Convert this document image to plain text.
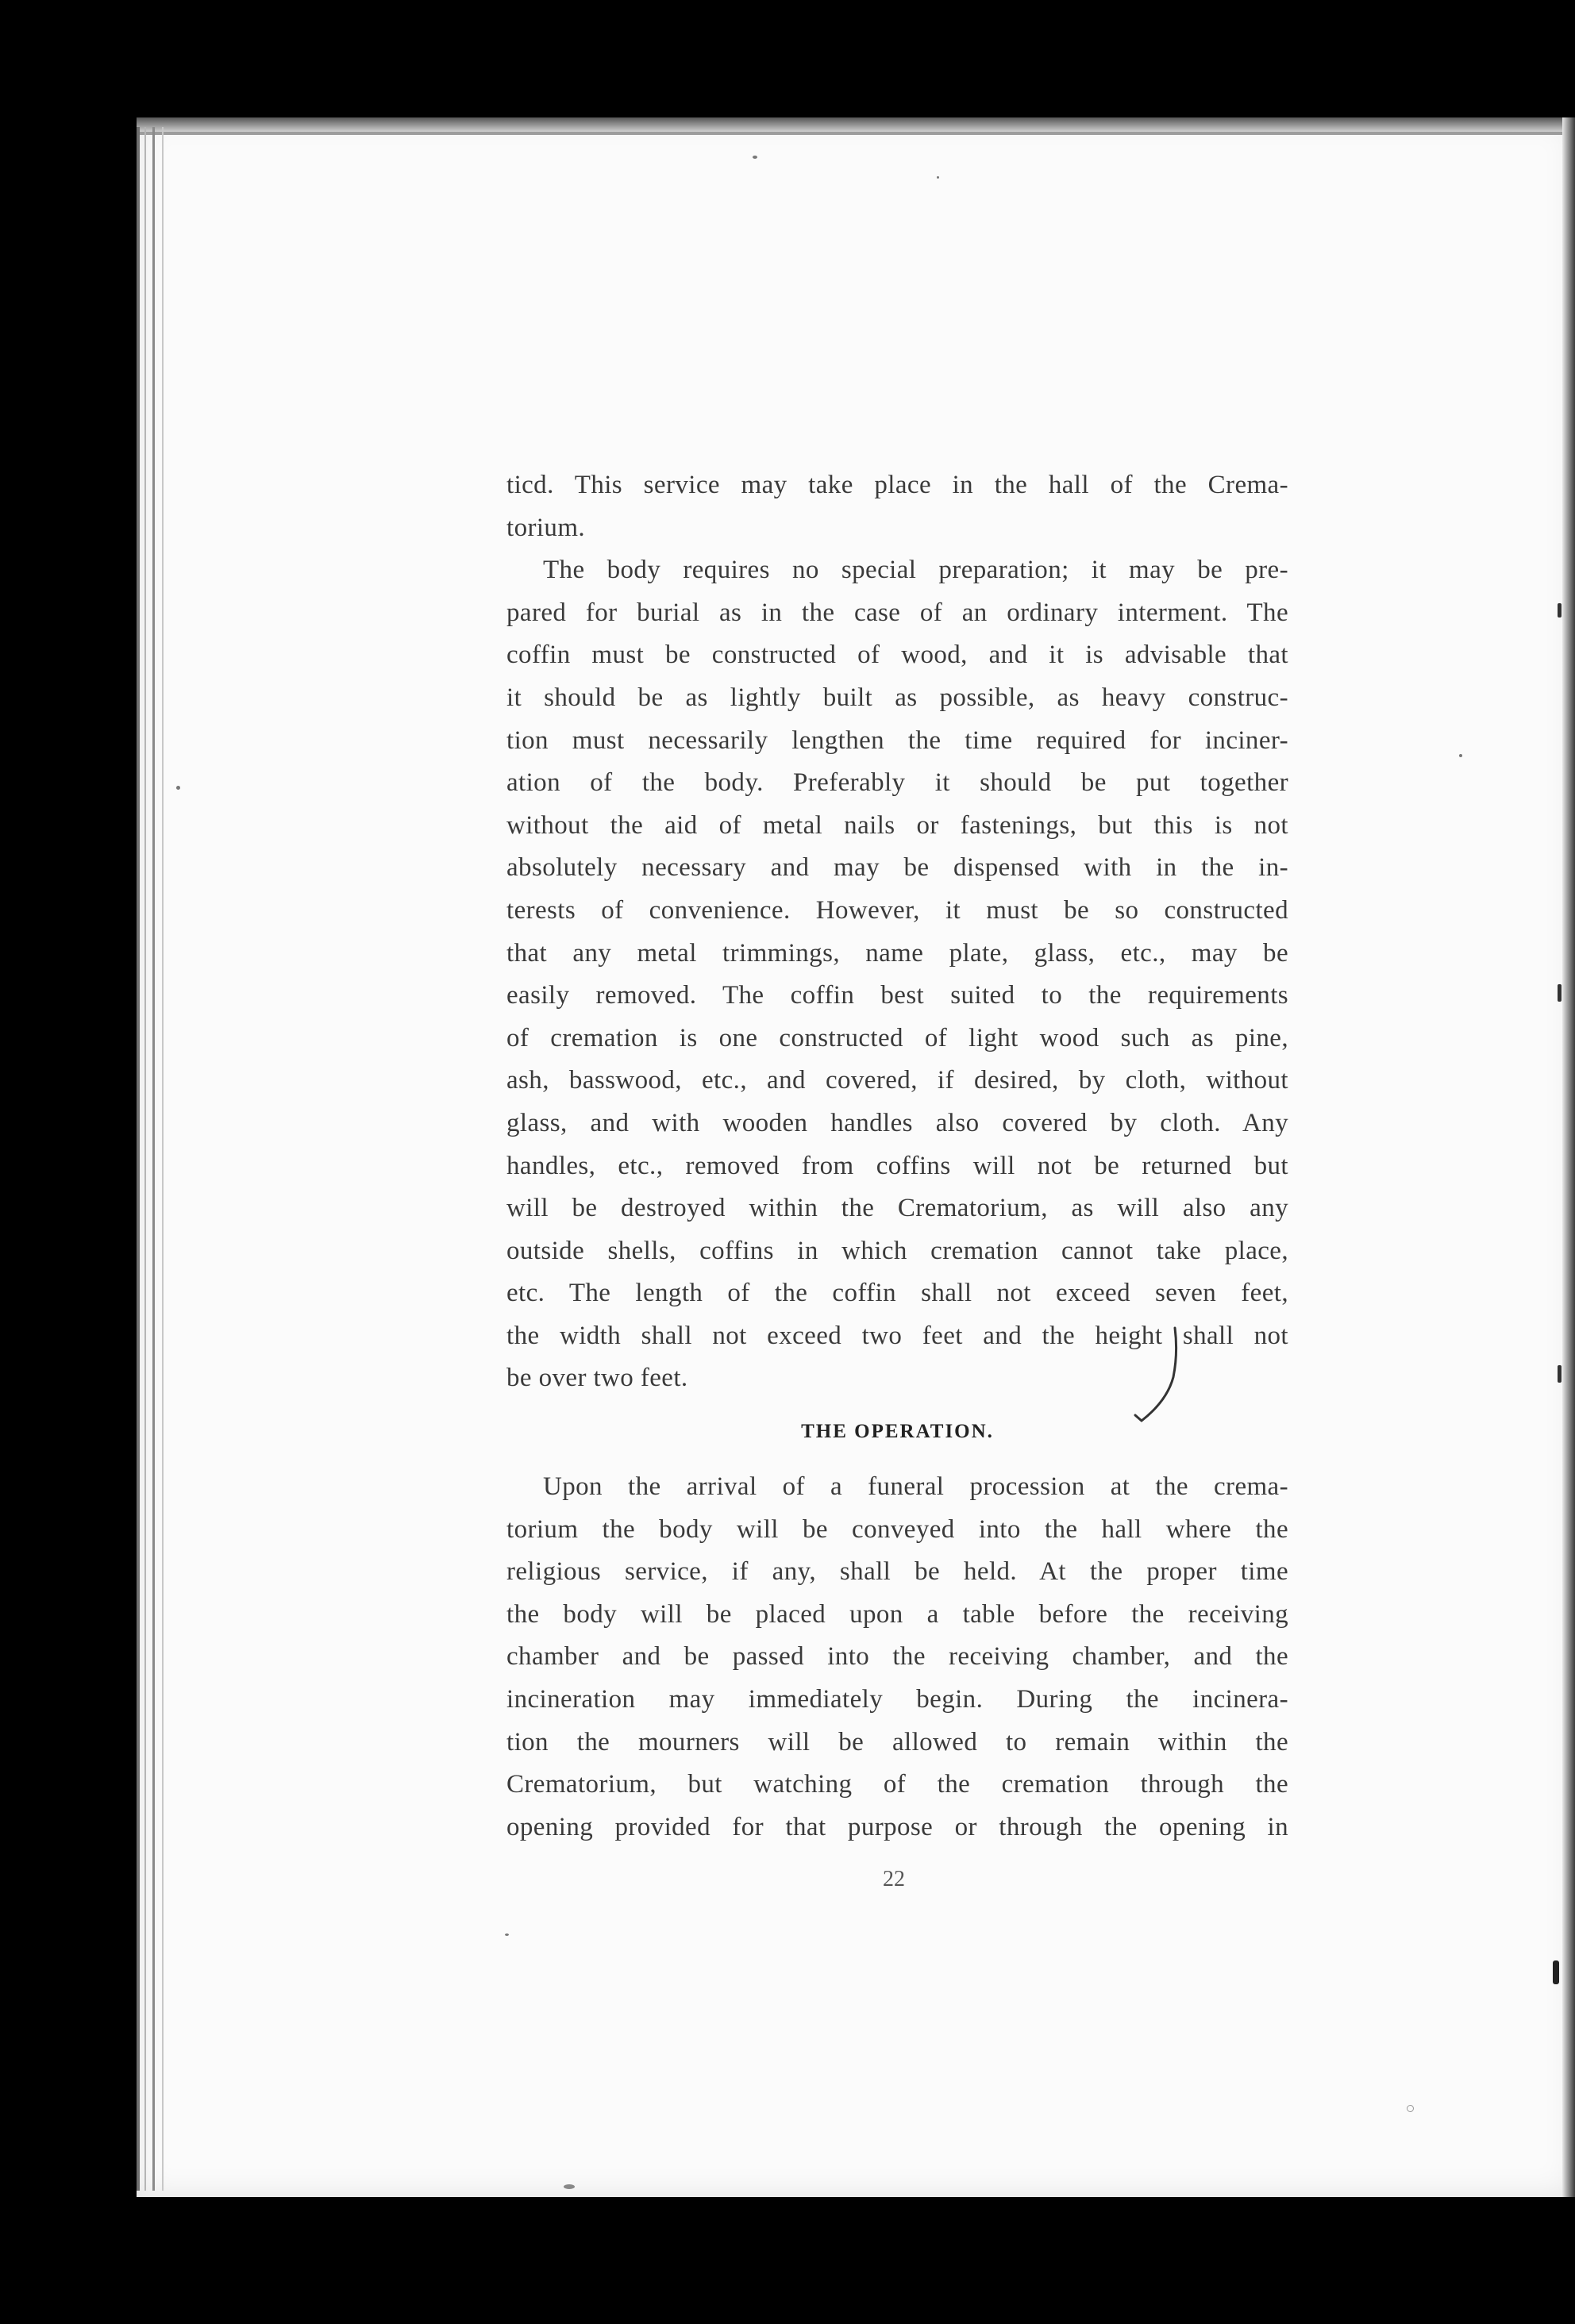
ticd. This service may take place in the hall of the Crema-
torium.
The body requires no special preparation; it may be pre-
pared for burial as in the case of an ordinary interment. The
coffin must be constructed of wood, and it is advisable that
it should be as lightly built as possible, as heavy construc-
tion must necessarily lengthen the time required for inciner-
ation of the body. Preferably it should be put together
without the aid of metal nails or fastenings, but this is not
absolutely necessary and may be dispensed with in the in-
terests of convenience. However, it must be so constructed
that any metal trimmings, name plate, glass, etc., may be
easily removed. The coffin best suited to the requirements
of cremation is one constructed of light wood such as pine,
ash, basswood, etc., and covered, if desired, by cloth, without
glass, and with wooden handles also covered by cloth. Any
handles, etc., removed from coffins will not be returned but
will be destroyed within the Crematorium, as will also any
outside shells, coffins in which cremation cannot take place,
etc. The length of the coffin shall not exceed seven feet,
the width shall not exceed two feet and the height shall not
be over two feet.
THE OPERATION.
Upon the arrival of a funeral procession at the crema-
torium the body will be conveyed into the hall where the
religious service, if any, shall be held. At the proper time
the body will be placed upon a table before the receiving
chamber and be passed into the receiving chamber, and the
incineration may immediately begin. During the incinera-
tion the mourners will be allowed to remain within the
Crematorium, but watching of the cremation through the
opening provided for that purpose or through the opening in
22
